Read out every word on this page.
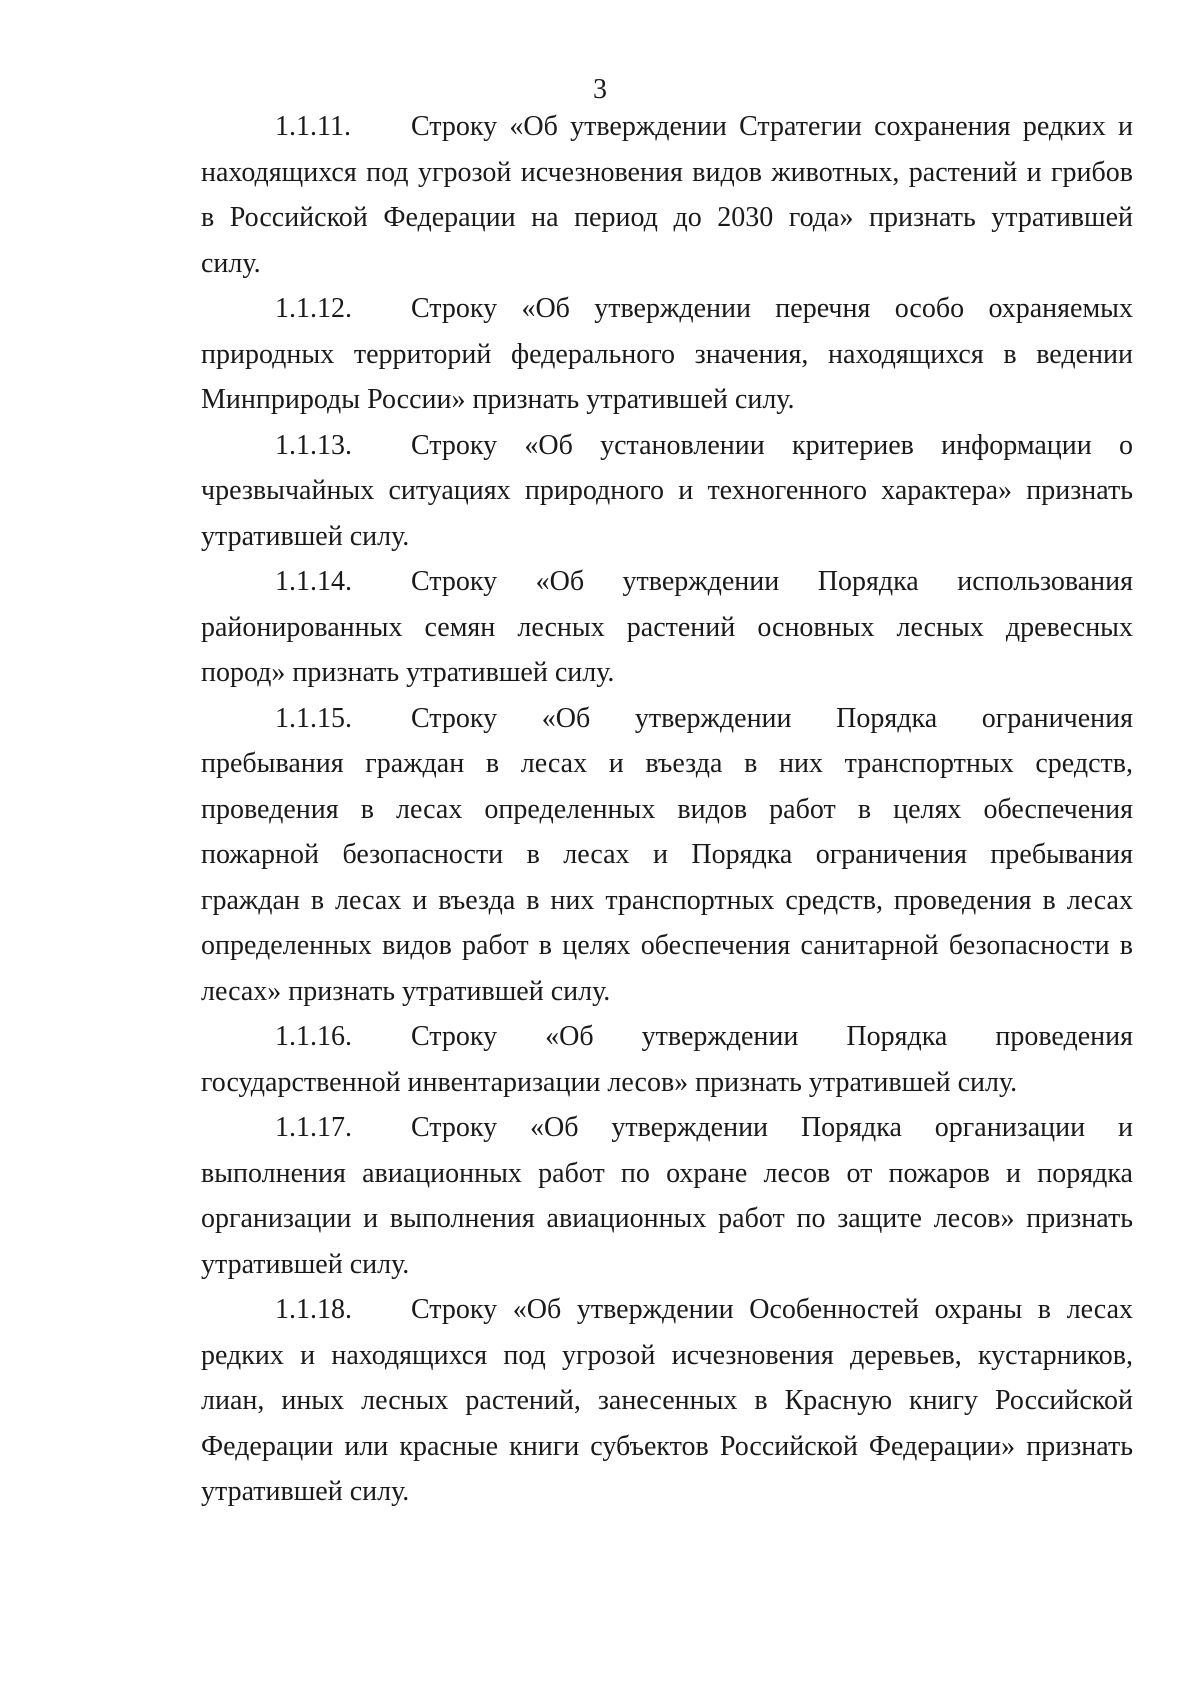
3
1.1.11.	Строку «Об утверждении Стратегии сохранения редких и
находящихся под угрозой исчезновения видов животных, растений и грибов
в Российской Федерации на период до 2030 года» признать утратившей
силу.
1.1.12.	Строку «Об утверждении перечня особо охраняемых
природных территорий федерального значения, находящихся в ведении
Минприроды России» признать утратившей силу.
1.1.13.	Строку «Об установлении критериев информации о
чрезвычайных ситуациях природного и техногенного характера» признать
утратившей силу.
1.1.14.	Строку «Об утверждении Порядка использования
районированных семян лесных растений основных лесных древесных
пород» признать утратившей силу.
1.1.15.	Строку «Об утверждении Порядка ограничения
пребывания граждан в лесах и въезда в них транспортных средств,
проведения в лесах определенных видов работ в целях обеспечения
пожарной безопасности в лесах и Порядка ограничения пребывания
граждан в лесах и въезда в них транспортных средств, проведения в лесах
определенных видов работ в целях обеспечения санитарной безопасности в
лесах» признать утратившей силу.
1.1.16.	Строку «Об утверждении Порядка проведения
государственной инвентаризации лесов» признать утратившей силу.
1.1.17.	Строку «Об утверждении Порядка организации и
выполнения авиационных работ по охране лесов от пожаров и порядка
организации и выполнения авиационных работ по защите лесов» признать
утратившей силу.
1.1.18.	Строку «Об утверждении Особенностей охраны в лесах
редких и находящихся под угрозой исчезновения деревьев, кустарников,
лиан, иных лесных растений, занесенных в Красную книгу Российской
Федерации или красные книги субъектов Российской Федерации» признать
утратившей силу.
